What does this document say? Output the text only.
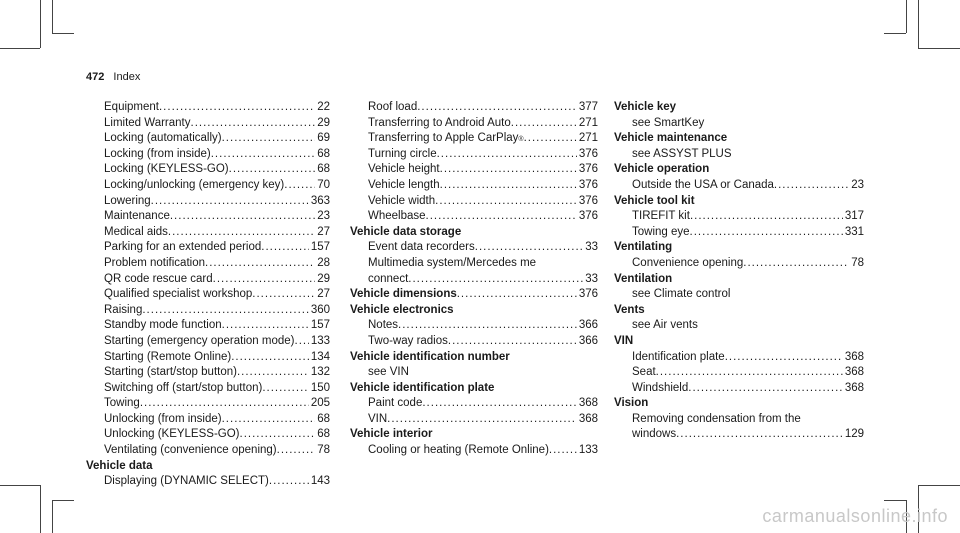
472 Index
Equipment .....	22
Limited Warranty .....	29
Locking (automatically) .....	69
Locking (from inside) .....	68
Locking (KEYLESS-GO) .....	68
Locking/unlocking (emergency key) .....	70
Lowering .....	363
Maintenance .....	23
Medical aids .....	27
Parking for an extended period .....	157
Problem notification .....	28
QR code rescue card .....	29
Qualified specialist workshop .....	27
Raising .....	360
Standby mode function .....	157
Starting (emergency operation mode) ..... 133
Starting (Remote Online) .....	134
Starting (start/stop button) .....	132
Switching off (start/stop button) .....	150
Towing .....	205
Unlocking (from inside) .....	68
Unlocking (KEYLESS-GO) .....	68
Ventilating (convenience opening) .....	78
Vehicle data
Displaying (DYNAMIC SELECT) .....	143
Roof load .....	377
Transferring to Android Auto .....	271
Transferring to Apple CarPlay ® .....	271
Turning circle .....	376
Vehicle height .....	376
Vehicle length .....	376
Vehicle width .....	376
Wheelbase .....	376
Vehicle data storage
Event data recorders .....	33
Multimedia system/Mercedes me
connect .....	33
Vehicle dimensions .....	376
Vehicle electronics
Notes .....	366
Two-way radios .....	366
Vehicle identification number
see VIN
Vehicle identification plate
Paint code .....	368
VIN .....	368
Vehicle interior
Cooling or heating (Remote Online) .....	133
Vehicle key
see SmartKey
Vehicle maintenance
see ASSYST PLUS
Vehicle operation
Outside the USA or Canada .....	23
Vehicle tool kit
TIREFIT kit .....	317
Towing eye .....	331
Ventilating
Convenience opening .....	78
Ventilation
see Climate control
Vents
see Air vents
VIN
Identification plate .....	368
Seat .....	368
Windshield .....	368
Vision
Removing condensation from the
windows .....	129
carmanualsonline.info
